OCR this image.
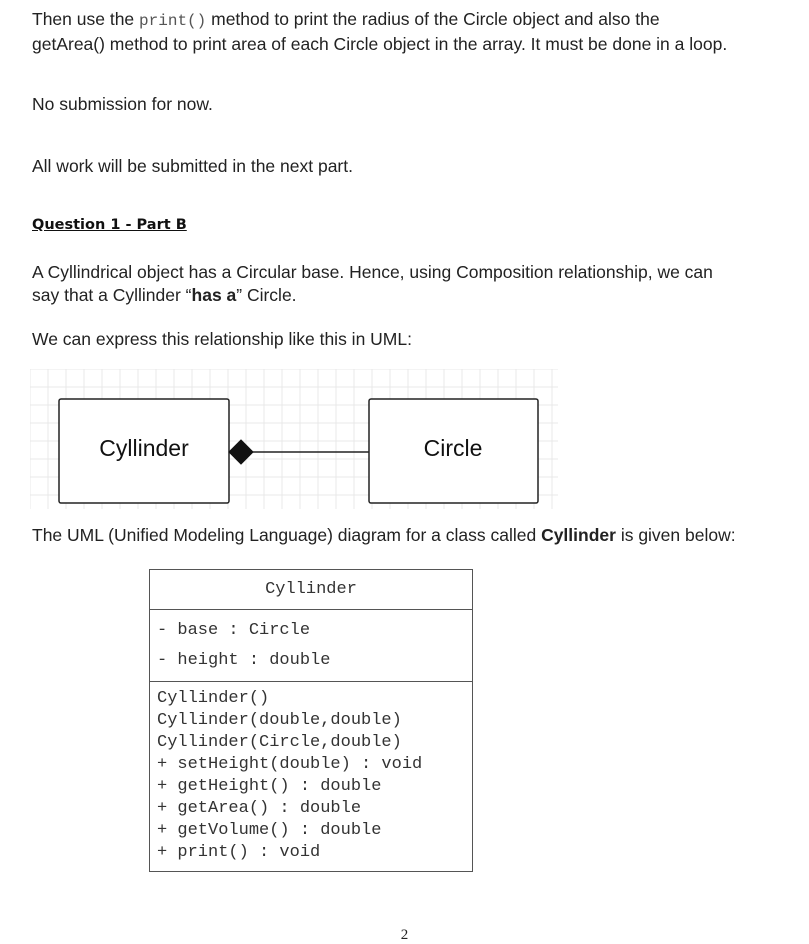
Then use the print() method to print the radius of the Circle object and also the
getArea() method to print area of each Circle object in the array. It must be done in a loop.

No submission for now.

All work will be submitted in the next part.

Question 1 - Part B

A Cyllindrical object has a Circular base. Hence, using Composition relationship, we can
say that a Cyllinder “has a” Circle.

We can express this relationship like this in UML:

Cyllinder	Circle

The UML (Unified Modeling Language) diagram for a class called Cyllinder is given below:

Cyllinder
- base : Circle
- height : double
Cyllinder()
Cyllinder(double,double)
Cyllinder(Circle,double)
+ setHeight(double) : void
+ getHeight() : double
+ getArea() : double
+ getVolume() : double
+ print() : void
2
